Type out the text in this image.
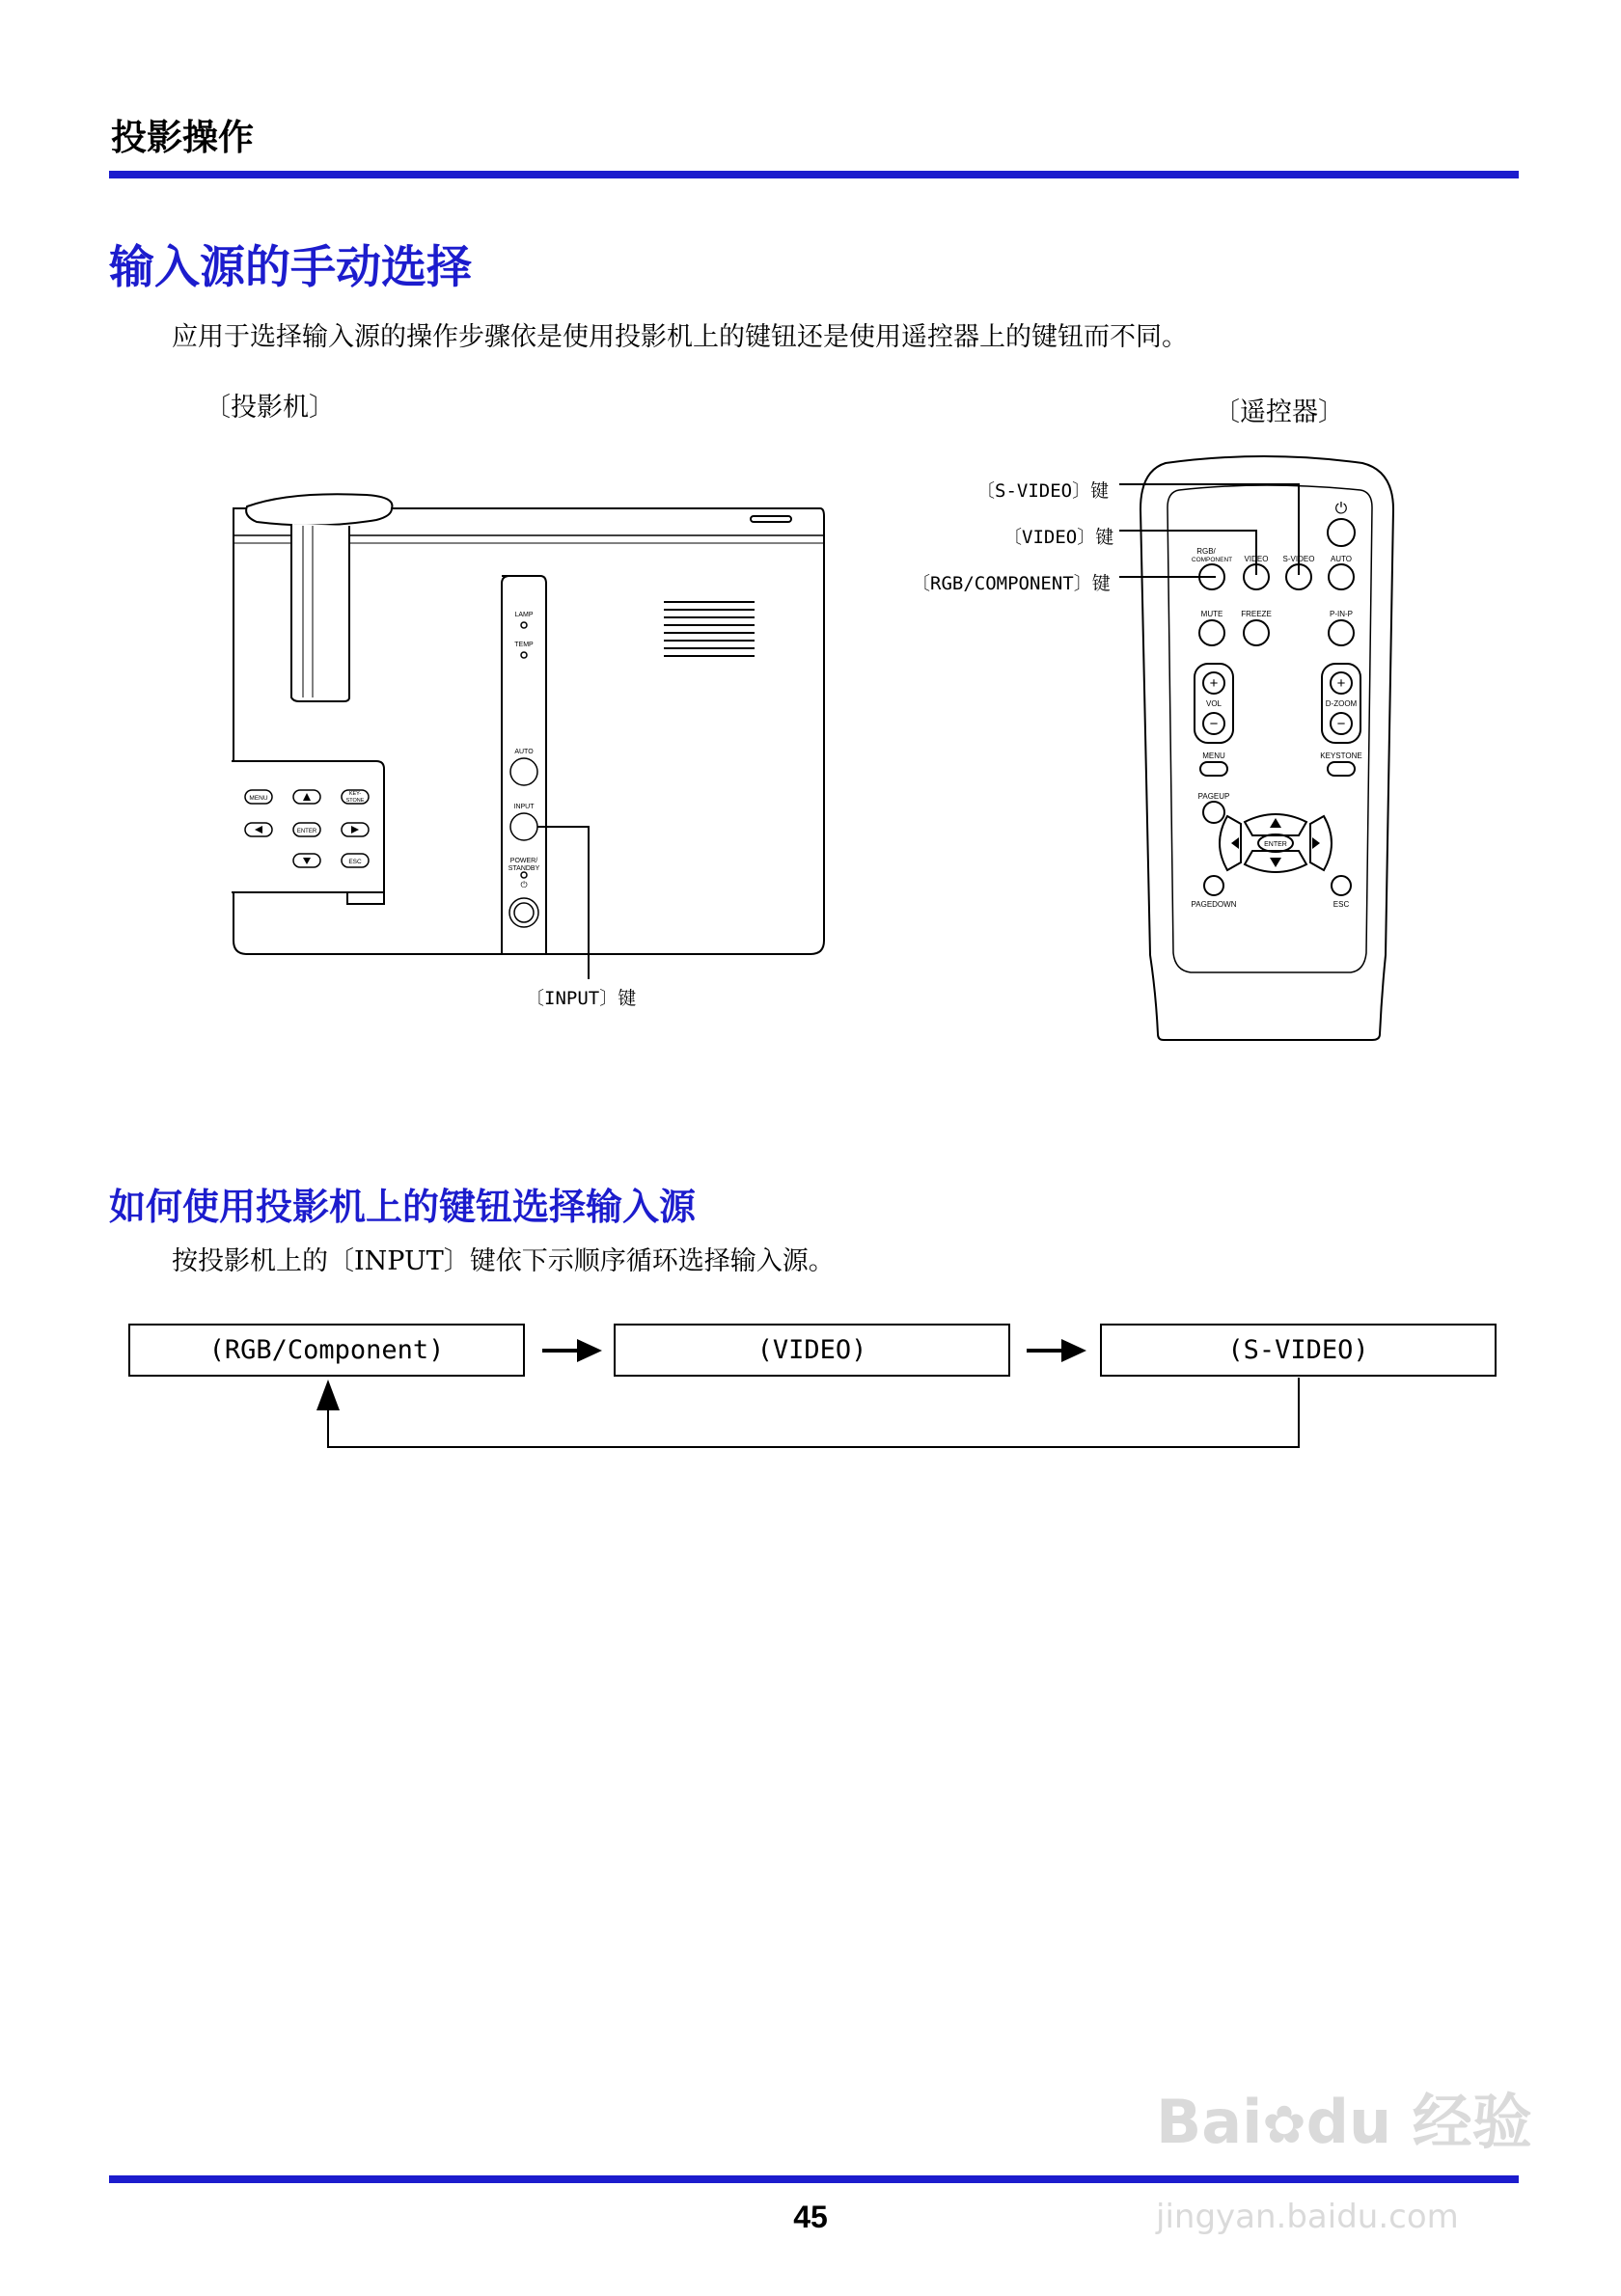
投影操作
输入源的手动选择
应用于选择输入源的操作步骤依是使用投影机上的键钮还是使用遥控器上的键钮而不同。
〔投影机〕	〔遥控器〕
LAMP
TEMP
AUTO
INPUT
POWER/
STANDBY
⏻
MENU
KEY-
STONE
ENTER
ESC
〔INPUT〕键
〔S-VIDEO〕键
〔VIDEO〕键
〔RGB/COMPONENT〕键
⏻
RGB/
COMPONENT VIDEO S-VIDEO AUTO
MUTE FREEZE	P-IN-P
+
VOL
−
+
D-ZOOM
−
MENU	KEYSTONE
PAGEUP
ENTER
PAGEDOWN	ESC
如何使用投影机上的键钮选择输入源
按投影机上的〔INPUT〕键依下示顺序循环选择输入源。
(RGB/Component)	(VIDEO)	(S-VIDEO)
45
Bai✿du 经验
jingyan.baidu.com
